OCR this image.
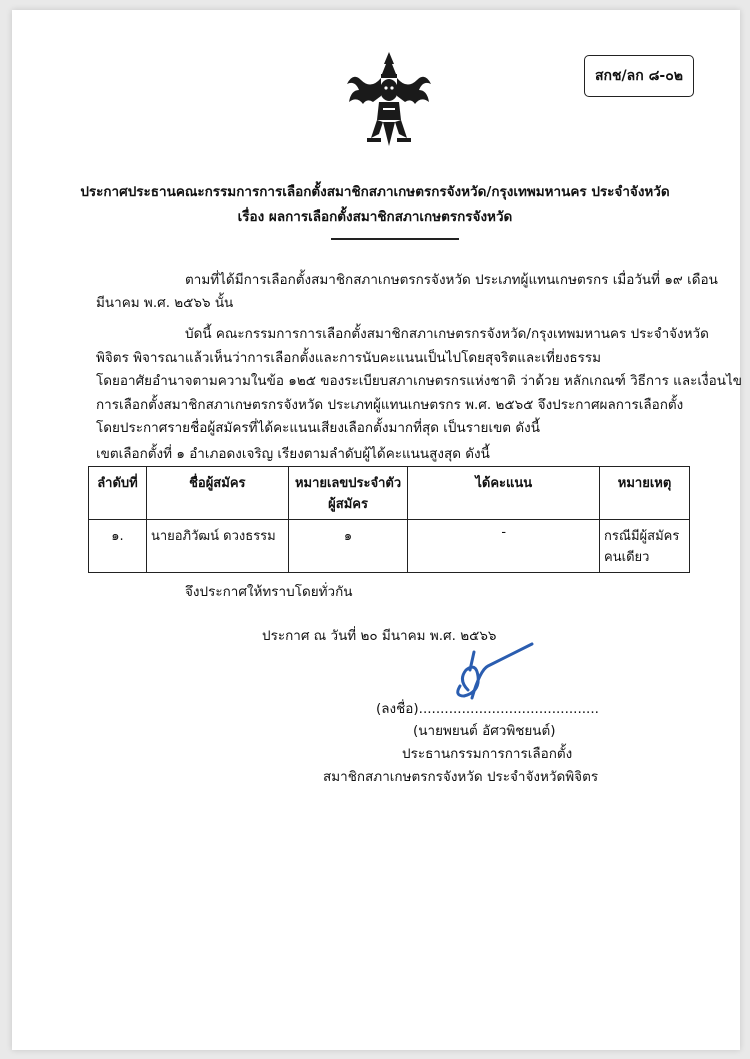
สกช/ลก ๘-๐๒
ประกาศประธานคณะกรรมการการเลือกตั้งสมาชิกสภาเกษตรกรจังหวัด/กรุงเทพมหานคร ประจำจังหวัด
เรื่อง ผลการเลือกตั้งสมาชิกสภาเกษตรกรจังหวัด
ตามที่ได้มีการเลือกตั้งสมาชิกสภาเกษตรกรจังหวัด ประเภทผู้แทนเกษตรกร เมื่อวันที่ ๑๙ เดือน
มีนาคม พ.ศ. ๒๕๖๖ นั้น
บัดนี้ คณะกรรมการการเลือกตั้งสมาชิกสภาเกษตรกรจังหวัด/กรุงเทพมหานคร ประจำจังหวัด
พิจิตร พิจารณาแล้วเห็นว่าการเลือกตั้งและการนับคะแนนเป็นไปโดยสุจริตและเที่ยงธรรม
โดยอาศัยอำนาจตามความในข้อ ๑๒๕ ของระเบียบสภาเกษตรกรแห่งชาติ ว่าด้วย หลักเกณฑ์ วิธีการ และเงื่อนไข
การเลือกตั้งสมาชิกสภาเกษตรกรจังหวัด ประเภทผู้แทนเกษตรกร พ.ศ. ๒๕๖๕ จึงประกาศผลการเลือกตั้ง
โดยประกาศรายชื่อผู้สมัครที่ได้คะแนนเสียงเลือกตั้งมากที่สุด เป็นรายเขต ดังนี้
เขตเลือกตั้งที่ ๑ อำเภอดงเจริญ เรียงตามลำดับผู้ได้คะแนนสูงสุด ดังนี้
ลำดับที่	ชื่อผู้สมัคร	หมายเลขประจำตัว ผู้สมัคร	ได้คะแนน	หมายเหตุ
๑.	นายอภิวัฒน์ ดวงธรรม	๑	-	กรณีมีผู้สมัคร คนเดียว
จึงประกาศให้ทราบโดยทั่วกัน
ประกาศ ณ วันที่ ๒๐ มีนาคม พ.ศ. ๒๕๖๖
(ลงชื่อ)..........................................
(นายพยนต์ อัศวพิชยนต์)
ประธานกรรมการการเลือกตั้ง
สมาชิกสภาเกษตรกรจังหวัด ประจำจังหวัดพิจิตร
